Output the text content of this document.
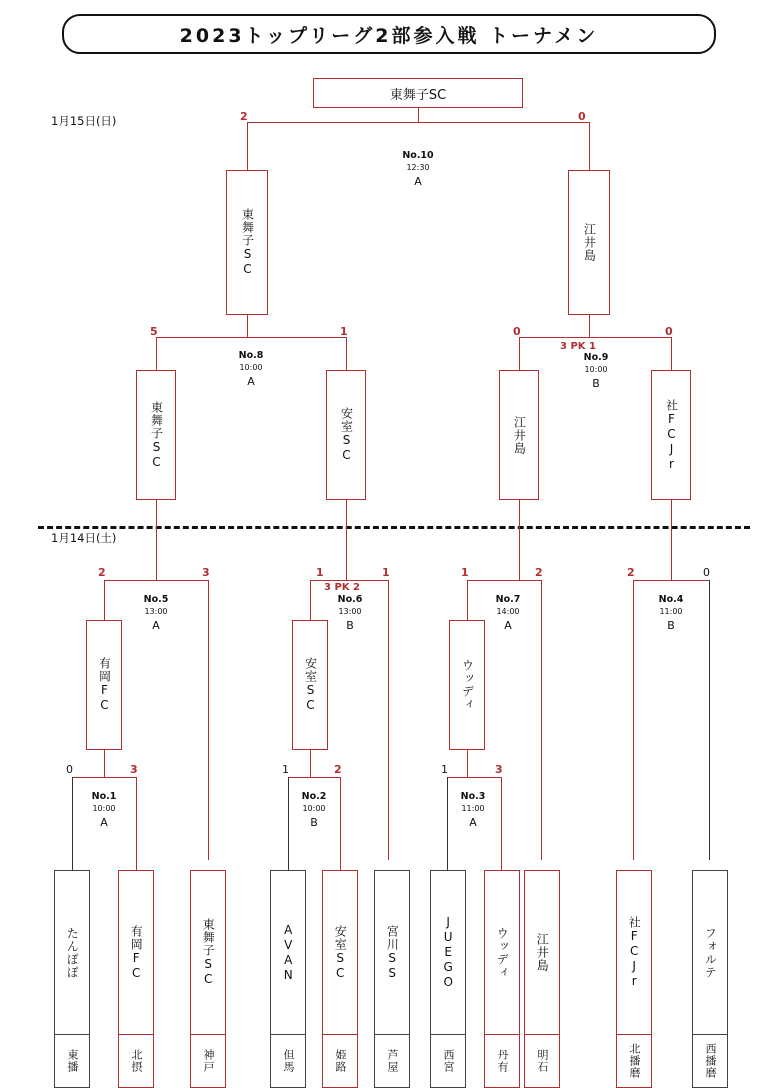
2023トップリーグ2部参入戦 トーナメン
1月15日(日)
1月14日(土)
東舞子SC
2	0
No.10
12:30
A
東舞子SC	江井島
5	1
No.8
10:00
A
0	0
3 PK 1
No.9
10:00
B
東舞子SC	安室SC	江井島	社FCJr
2	3
No.5
13:00
A
有岡FC
1	1
3 PK 2
No.6
13:00
B
安室SC
1	2
No.7
14:00
A
ウッディ
2	0
No.4
11:00
B
0	3
No.1
10:00
A
1	2
No.2
10:00
B
1	3
No.3
11:00
A
たんぽぽ
東播
有岡FC
北摂
東舞子SC
神戸
AVAN
但馬
安室SC
姫路
宮川SS
芦屋
JUEGO
西宮
ウッディ
丹有
江井島
明石
社FCJr
北播磨
フォルテ
西播磨
